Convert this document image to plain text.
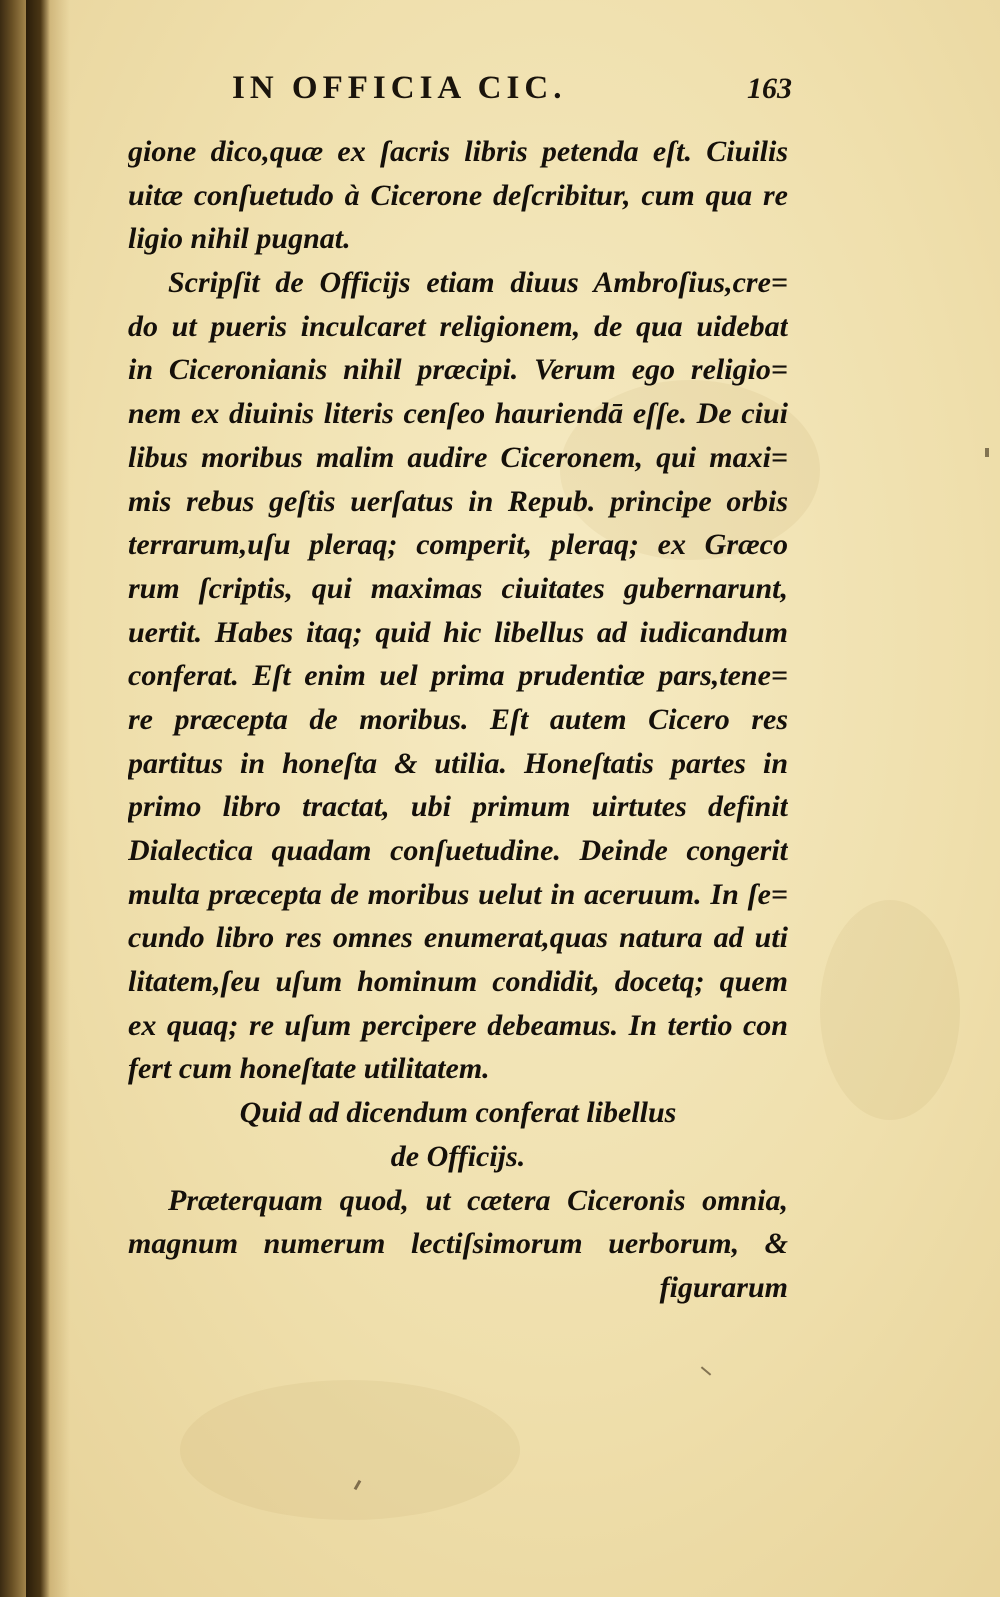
IN OFFICIA CIC.	163
gione dico,quæ ex ſacris libris petenda eſt. Ciuilis
uitæ conſuetudo à Cicerone deſcribitur, cum qua re
ligio nihil pugnat.
Scripſit de Officijs etiam diuus Ambroſius,cre=
do ut pueris inculcaret religionem, de qua uidebat
in Ciceronianis nihil præcipi. Verum ego religio=
nem ex diuinis literis cenſeo hauriendā eſſe. De ciui
libus moribus malim audire Ciceronem, qui maxi=
mis rebus geſtis uerſatus in Repub. principe orbis
terrarum,uſu pleraq; comperit, pleraq; ex Græco
rum ſcriptis, qui maximas ciuitates gubernarunt,
uertit. Habes itaq; quid hic libellus ad iudicandum
conferat. Eſt enim uel prima prudentiæ pars,tene=
re præcepta de moribus. Eſt autem Cicero res
partitus in honeſta & utilia. Honeſtatis partes in
primo libro tractat, ubi primum uirtutes definit
Dialectica quadam conſuetudine. Deinde congerit
multa præcepta de moribus uelut in aceruum. In ſe=
cundo libro res omnes enumerat,quas natura ad uti
litatem,ſeu uſum hominum condidit, docetq; quem
ex quaq; re uſum percipere debeamus. In tertio con
fert cum honeſtate utilitatem.
Quid ad dicendum conferat libellus
de Officijs.
Præterquam quod, ut cætera Ciceronis omnia,
magnum numerum lectiſsimorum uerborum, &
figurarum
